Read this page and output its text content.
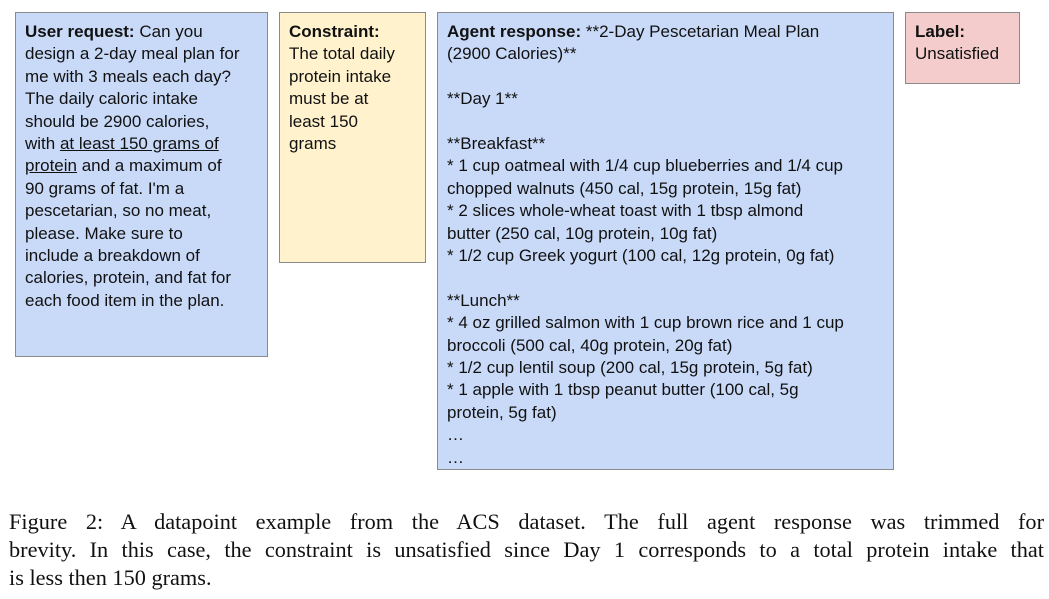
User request: Can you

design a 2-day meal plan for

me with 3 meals each day?

The daily caloric intake

should be 2900 calories,

with at least 150 grams of

protein and a maximum of

90 grams of fat. I'm a

pescetarian, so no meat,

please. Make sure to

include a breakdown of

calories, protein, and fat for

each food item in the plan.

Constraint:

The total daily

protein intake

must be at

least 150

grams

Agent response: **2-Day Pescetarian Meal Plan

(2900 Calories)**

**Day 1**

**Breakfast**

* 1 cup oatmeal with 1/4 cup blueberries and 1/4 cup

chopped walnuts (450 cal, 15g protein, 15g fat)

* 2 slices whole-wheat toast with 1 tbsp almond

butter (250 cal, 10g protein, 10g fat)

* 1/2 cup Greek yogurt (100 cal, 12g protein, 0g fat)

**Lunch**

* 4 oz grilled salmon with 1 cup brown rice and 1 cup

broccoli (500 cal, 40g protein, 20g fat)

* 1/2 cup lentil soup (200 cal, 15g protein, 5g fat)

* 1 apple with 1 tbsp peanut butter (100 cal, 5g

protein, 5g fat)

…

…

Label:

Unsatisfied

Figure 2: A datapoint example from the ACS dataset. The full agent response was trimmed for
brevity. In this case, the constraint is unsatisfied since Day 1 corresponds to a total protein intake that
is less then 150 grams.
